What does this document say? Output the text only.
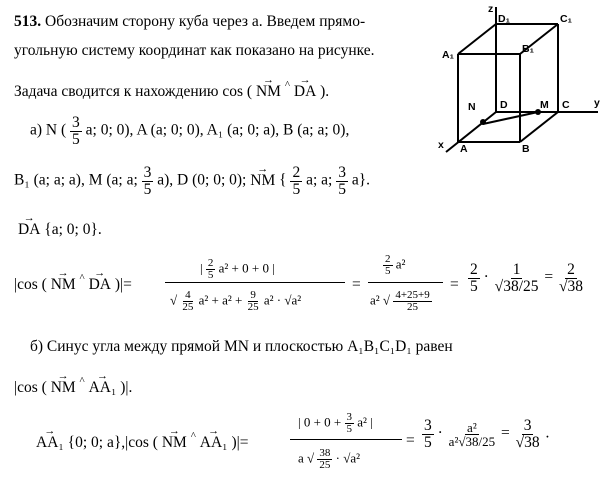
513. Обозначим сторону куба через a. Введем прямо-
угольную систему координат как показано на рисунке.
Задача сводится к нахождению cos (
→
NM ^ →
DA ).
а) N ( $\frac{3}{5} a$; 0; 0), A (a; 0; 0), A₁ (a; 0; a), B (a; a; 0),
B₁ (a; a; a), M (a; a; $\frac{3}{5} a$), D (0; 0; 0);
→
NM { $\frac{2}{5} a$; a; $\frac{3}{5} a$}.
→
DA {a; 0; 0}.
|cos (
→
NM ^ →
DA )|=
| $\frac{2}{5} a^2 + 0 + 0$ |
√ $\frac{4}{25} a^2 + a^2 + \frac{9}{25} a^2 \cdot √a^2$
=
$\frac{2}{5} a^2$
a² √ $\frac{4+25+9}{25}$
= $\frac{2}{5} \cdot \frac{1}{√38/25} = \frac{2}{√38}$
б) Синус угла между прямой MN и плоскостью A₁B₁C₁D₁ равен
|cos (
→
NM ^ →
AA₁ )|.
→
AA₁ {0; 0; a},|cos (
→
NM ^ →
AA₁ )|=
| $0 + 0 + \frac{3}{5} a^2$ |
a √ $\frac{38}{25} \cdot √a^2$
= $\frac{3}{5} \cdot \frac{\text{a²}}{\text{a²√38/25}} = \frac{3}{√38}$ .
z
D₁	C₁
A₁	B₁
N D	M C y
x A	B
